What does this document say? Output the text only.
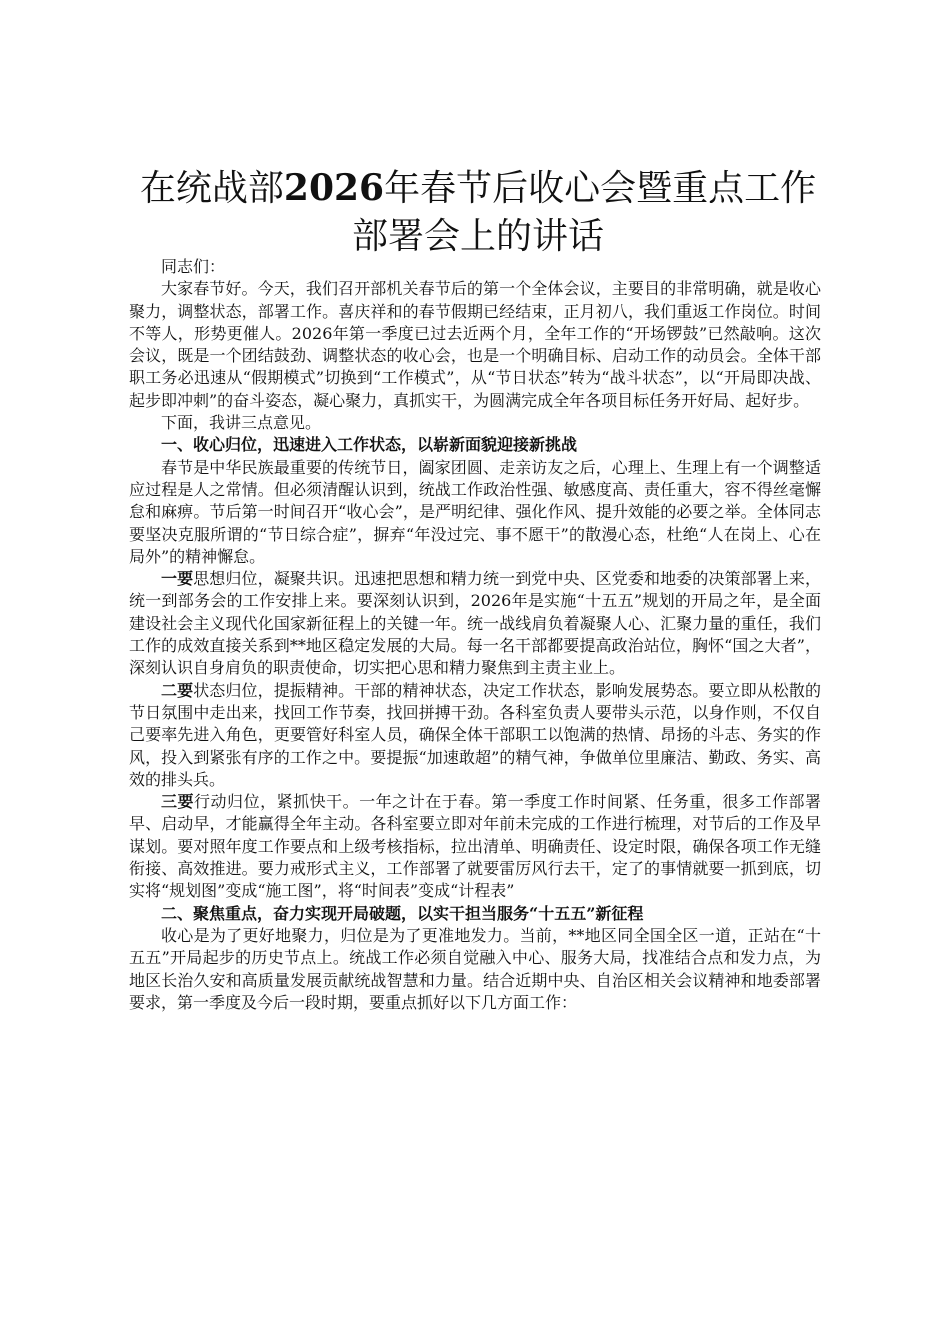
在统战部2026年春节后收心会暨重点工作部署会上的讲话

同志们：

大家春节好。今天，我们召开部机关春节后的第一个全体会议，主要目的非常明确，就是收心聚力，调整状态，部署工作。喜庆祥和的春节假期已经结束，正月初八，我们重返工作岗位。时间不等人，形势更催人。2026年第一季度已过去近两个月，全年工作的“开场锣鼓”已然敲响。这次会议，既是一个团结鼓劲、调整状态的收心会，也是一个明确目标、启动工作的动员会。全体干部职工务必迅速从“假期模式”切换到“工作模式”，从“节日状态”转为“战斗状态”，以“开局即决战、起步即冲刺”的奋斗姿态，凝心聚力，真抓实干，为圆满完成全年各项目标任务开好局、起好步。

下面，我讲三点意见。

一、收心归位，迅速进入工作状态，以崭新面貌迎接新挑战

春节是中华民族最重要的传统节日，阖家团圆、走亲访友之后，心理上、生理上有一个调整适应过程是人之常情。但必须清醒认识到，统战工作政治性强、敏感度高、责任重大，容不得丝毫懈怠和麻痹。节后第一时间召开“收心会”，是严明纪律、强化作风、提升效能的必要之举。全体同志要坚决克服所谓的“节日综合症”，摒弃“年没过完、事不愿干”的散漫心态，杜绝“人在岗上、心在局外”的精神懈怠。

一要思想归位，凝聚共识。迅速把思想和精力统一到党中央、区党委和地委的决策部署上来，统一到部务会的工作安排上来。要深刻认识到，2026年是实施“十五五”规划的开局之年，是全面建设社会主义现代化国家新征程上的关键一年。统一战线肩负着凝聚人心、汇聚力量的重任，我们工作的成效直接关系到**地区稳定发展的大局。每一名干部都要提高政治站位，胸怀“国之大者”，深刻认识自身肩负的职责使命，切实把心思和精力聚焦到主责主业上。

二要状态归位，提振精神。干部的精神状态，决定工作状态，影响发展势态。要立即从松散的节日氛围中走出来，找回工作节奏，找回拼搏干劲。各科室负责人要带头示范，以身作则，不仅自己要率先进入角色，更要管好科室人员，确保全体干部职工以饱满的热情、昂扬的斗志、务实的作风，投入到紧张有序的工作之中。要提振“加速敢超”的精气神，争做单位里廉洁、勤政、务实、高效的排头兵。

三要行动归位，紧抓快干。一年之计在于春。第一季度工作时间紧、任务重，很多工作部署早、启动早，才能赢得全年主动。各科室要立即对年前未完成的工作进行梳理，对节后的工作及早谋划。要对照年度工作要点和上级考核指标，拉出清单、明确责任、设定时限，确保各项工作无缝衔接、高效推进。要力戒形式主义，工作部署了就要雷厉风行去干，定了的事情就要一抓到底，切实将“规划图”变成“施工图”，将“时间表”变成“计程表”

二、聚焦重点，奋力实现开局破题，以实干担当服务“十五五”新征程

收心是为了更好地聚力，归位是为了更准地发力。当前，**地区同全国全区一道，正站在“十五五”开局起步的历史节点上。统战工作必须自觉融入中心、服务大局，找准结合点和发力点，为地区长治久安和高质量发展贡献统战智慧和力量。结合近期中央、自治区相关会议精神和地委部署要求，第一季度及今后一段时期，要重点抓好以下几方面工作：
